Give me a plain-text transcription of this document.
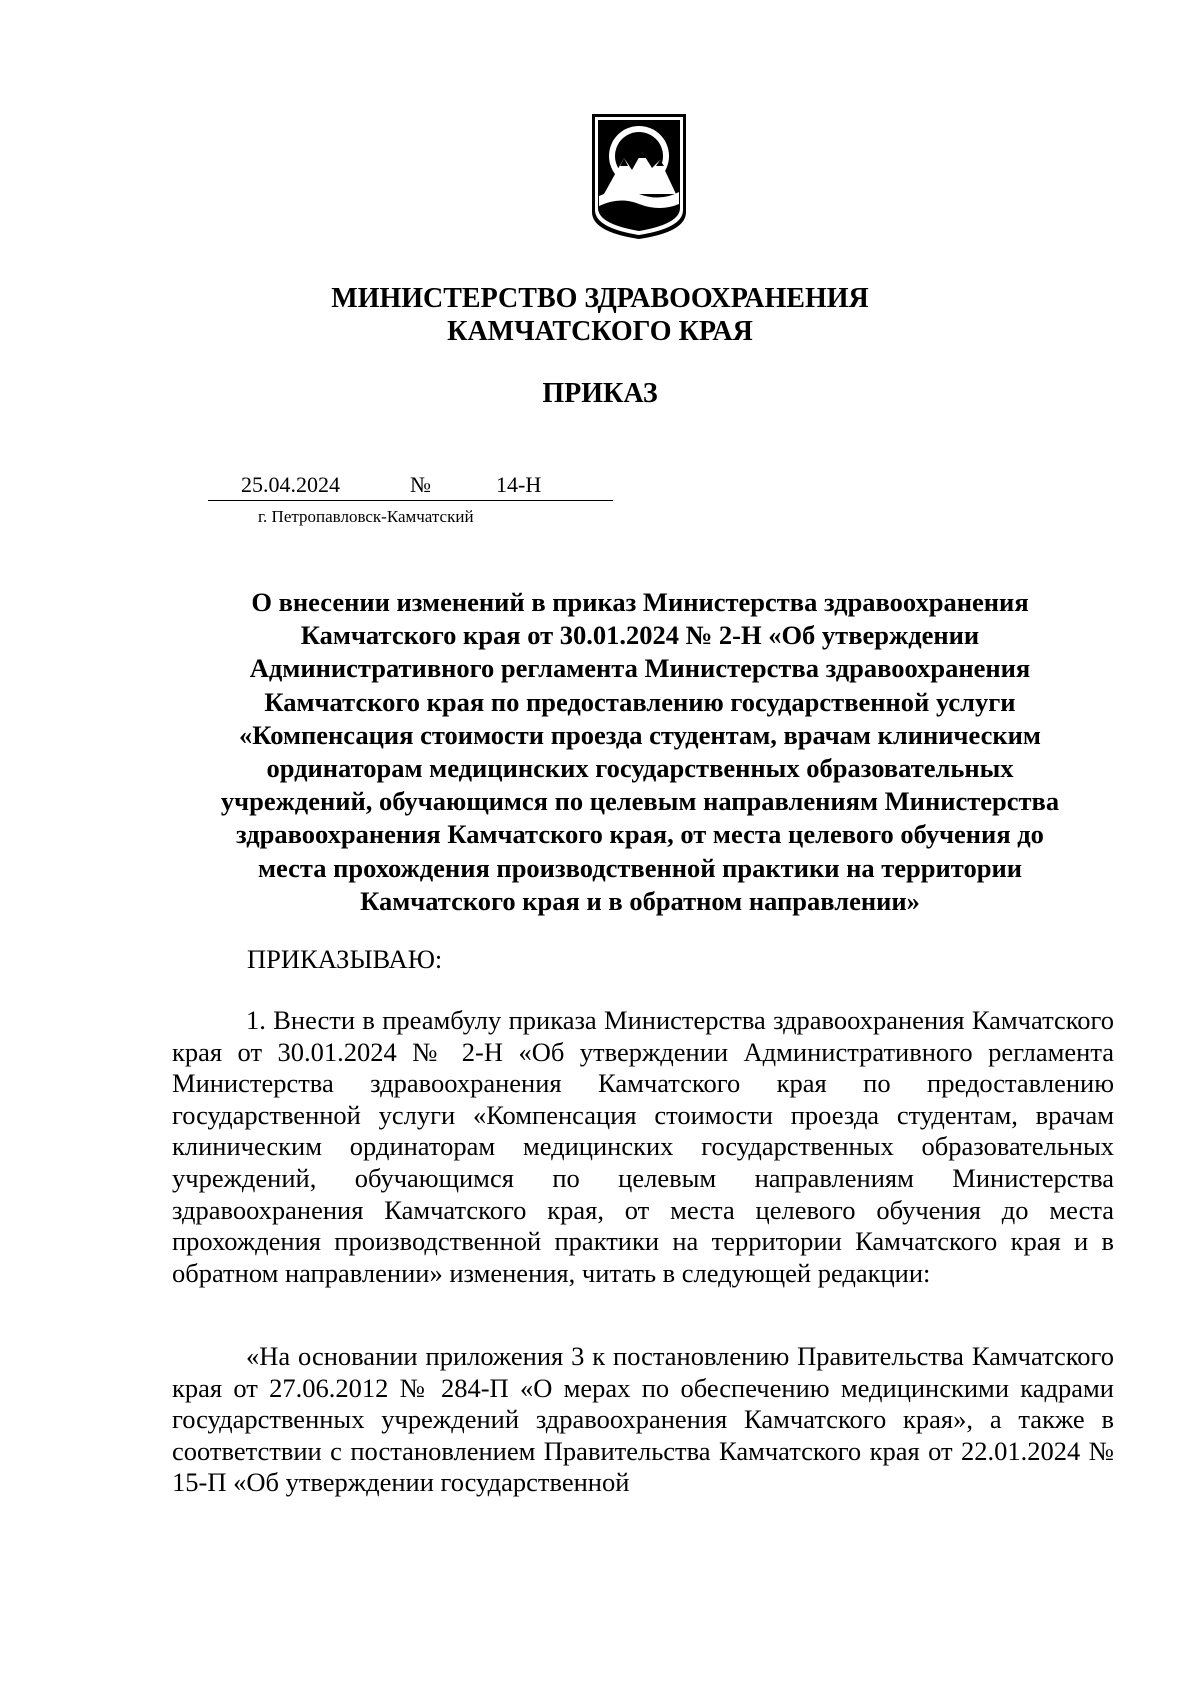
МИНИСТЕРСТВО ЗДРАВООХРАНЕНИЯ
КАМЧАТСКОГО КРАЯ
ПРИКАЗ
25.04.2024	№	14-Н
г. Петропавловск-Камчатский
О внесении изменений в приказ Министерства здравоохранения
Камчатского края от 30.01.2024 № 2-Н «Об утверждении
Административного регламента Министерства здравоохранения
Камчатского края по предоставлению государственной услуги
«Компенсация стоимости проезда студентам, врачам клиническим
ординаторам медицинских государственных образовательных
учреждений, обучающимся по целевым направлениям Министерства
здравоохранения Камчатского края, от места целевого обучения до
места прохождения производственной практики на территории
Камчатского края и в обратном направлении»
ПРИКАЗЫВАЮ:

1. Внести в преамбулу приказа Министерства здравоохранения Камчатского края от 30.01.2024 № 2-Н «Об утверждении Административного регламента Министерства здравоохранения Камчатского края по предоставлению государственной услуги «Компенсация стоимости проезда студентам, врачам клиническим ординаторам медицинских государственных образовательных учреждений, обучающимся по целевым направлениям Министерства здравоохранения Камчатского края, от места целевого обучения до места прохождения производственной практики на территории Камчатского края и в обратном направлении» изменения, читать в следующей редакции:

«На основании приложения 3 к постановлению Правительства Камчатского края от 27.06.2012 № 284-П «О мерах по обеспечению медицинскими кадрами государственных учреждений здравоохранения Камчатского края», а также в соответствии с постановлением Правительства Камчатского края от 22.01.2024 № 15-П «Об утверждении государственной
